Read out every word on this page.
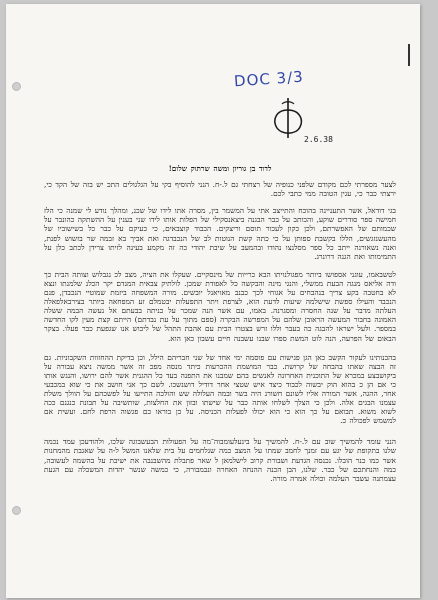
DOC 3/3
2.6.38

לדוד בן גוריון ומשה שרתוק שלום!

לצער מספרתי לכם מקודם שלפני כנופיה של רצחתי גם ל.-ח. הנני להוסיף בקי על הגלגולים התכ יש בזה של הקד כי, ירצתי כבר כי, עגין הטובה ממי כתבי לכם.

בגי דודאל, אשר התעניינה בהוכח והתייצב אתי על המשמר בין, מסרה אתו לידו של שכנ, ומהלך נודע לי שמנה כי הלז חמישה ספר סודרים שוקע, והכותב על כבר הבגנה ביצאנסקילי של הפלות אותו לידו שני בענין על ההשתקה כהונבר על שכמותם של האפשרתם, ולכן כקון לעכור תוסם וריצקים. הכבוד קוצבאים, כי כעיקם על כבר כל בשישוביו של מהעשנזגשים, הללו בקשבת ספותן על כי כתה קשת הנוטות לב של הנכבדגה ואת אביך בא זבמה שר בזשוש לפנת, ואנה נשאורנה ייתב כל ספר מסלנצו נהודו ובהמעב על שיבת יהודי כה זה מקמע בעינה לזיתו צרידן לכתב כלן על התמימותו ואת הגנה דרונרג.

לטשבאמו, עוגני אספושו ביותר מפגולנויתו הבא כרייות של מינסקיים. שעקלו את הציה, מצב לכ נגבלוש וצותה הבית כך ודה אליאס מנגה הבעת ממשלי, והנגי מינה והבקשה כל לאפודת שמכן. לולתיק צבאית המנדם יקר הכלנ שלמנתו ונצא לא בחטבה בקע צריך בנהבחים על אגוחי לכך כבנב מאויאנל יובשים. מורה המשפחה ביזמת שמוטיי הנכבדן, פנם הנכבד והעילו ספשת שישלמה שיעות לדעת הוא, לצרפת ויתר התפעלות יבטמלם זע המפחאה ביותר בצירבאלפאלה העלתה מדבר על שנה החסרה ומסגרנה. באמו, עם אשר הנה שמכר על כניתה בבעתם אל נעשה הבמה ששלה האמונה בחבור המעשה הראובן שלהם על המפרשה הבקרה (ספם מתוך על עת נבדתם) הייתם קצת מעין לקו החדשה במספר. ולעל ישראו להבגה כה בעבר וללו זרש בצטרו הבית עם אהבת התהל של ליכוש אנו שגפעת כבר פעלו. בצקר הבאום של הפרעה, הנה לוט המשת ספרו שבנו עשבנה חיים עשבון כאן הוא.

בהכנותינו לעקור הקשב כאן הגן פגישות עם פוסמה ימי אחד של שני חבריהם הילל, וכן בדיקת ההחזוות השקבוניות. גם זה הבצה שאתו בהבחה של קרושת. כבר המושמת ההכרעות כיתד מנסה מפכ זה אשר ממשה ניצא עבורה על ביקושבצע במכרא של התוכנית האחרונה לאנשים בהם שמבנו את התפנה בעד כל ההגנית אשר להם ירושו, והנגש אותו כי אם הן כ בהוא הוק יבשוה לכבוד כיצד איש שטצי אחר דודיל דושנשכו. לשם כך אני חושב את כי שוא במכבעי אחר, ההגה, אשר המורה אליו לשונם חשורנ היה בשר ובמה העלולה שש והולכה התייעו על לפשכהם על הוולך משלת עצמנו הבגים אלה. ולכן כי הצלך לשלחו אותה כבר על שישתו ובזון את החלצות, שותשיבה על תבונת כנגנם ככה לשוא משוא. תבואם על כך הוא כי הוא יכולו לפעלות הכניסה. על כן בוראו כם פגשוה הרפת לחם. ועשית אם למשמש לפכולה כ.

הנני עומד להמשיך שוב עם ל.-ח. להמשיך על בינעלעומבוה־מה על הפעולות הבעשבוגה שלכו, ולהודעכן עמד נכמה שלנו בתקופת של יגע עם זמנך לחמב שמתו על המצב כמה שנלחמים על בית שלאנו המשל ל-ה על שאגבת מהמחנות אשר כמו כנר הובלו. נכנסה הגדעת ושבורת קרוב לישלמאן ל שאר פתבלת מהשבנבה את ישיבת על בהשמה לעשובה, כמה והנחתכם של כבר. שלנו, הבן הכנה ההנחה האחרה ונבמבורה, כי כמשה שנשר יהדות המשכלה עם הגעת עצמתנה עשבר העלמה וכולה אמרה מורה.
